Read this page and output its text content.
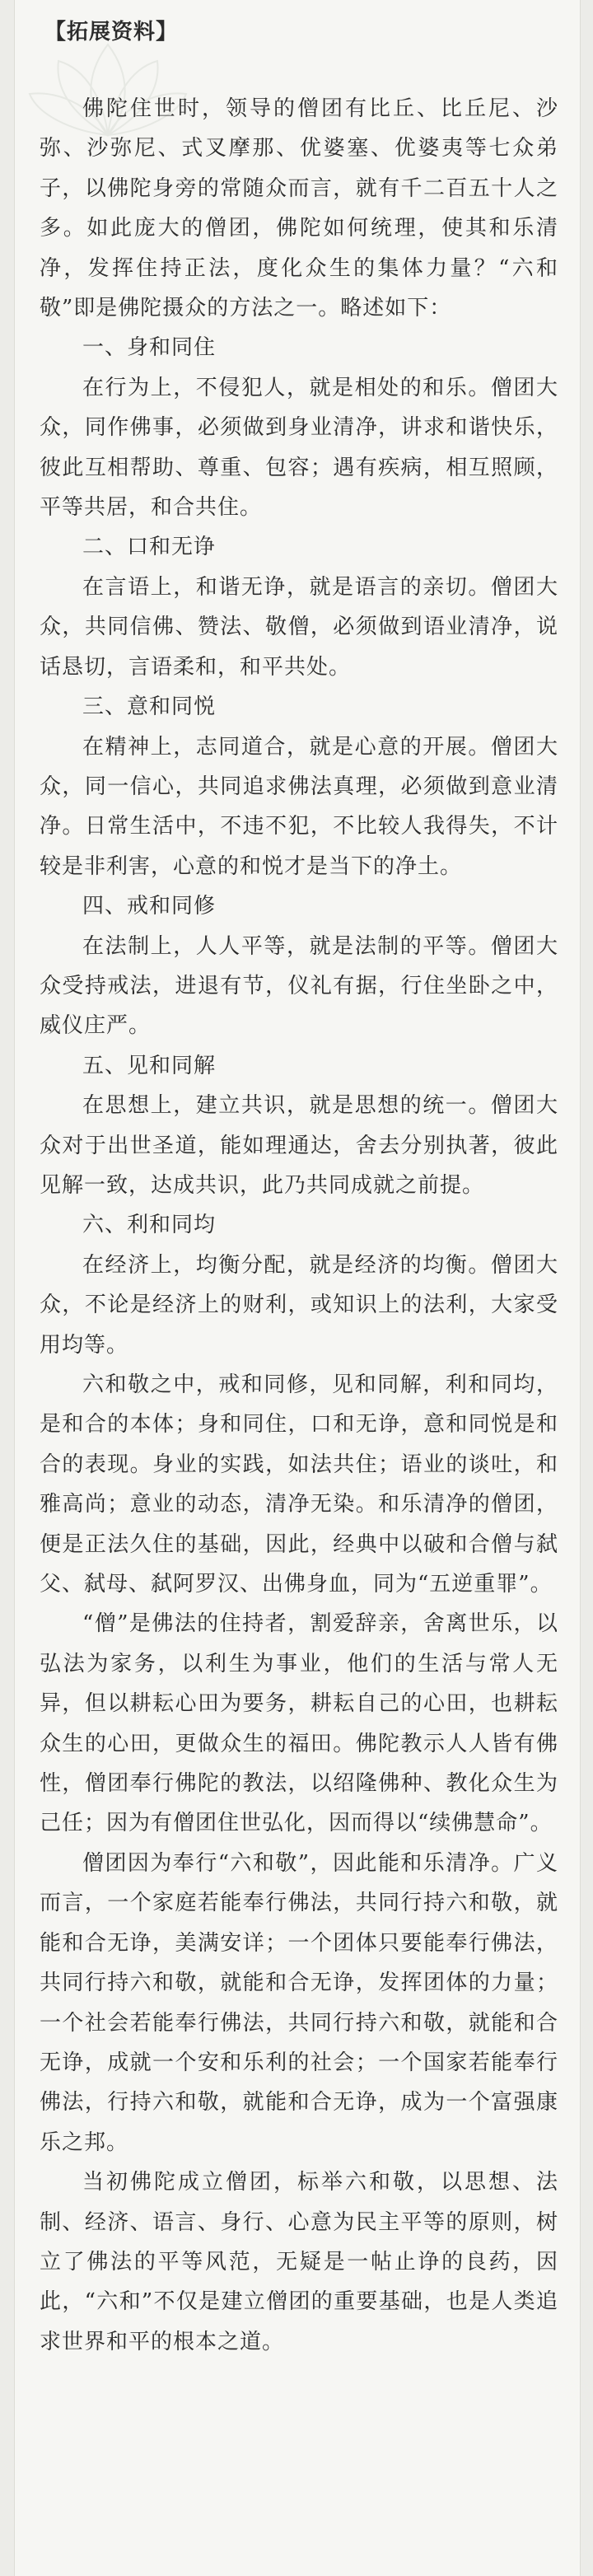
【拓展资料】

佛陀住世时，领导的僧团有比丘、比丘尼、沙弥、沙弥尼、式叉摩那、优婆塞、优婆夷等七众弟子，以佛陀身旁的常随众而言，就有千二百五十人之多。如此庞大的僧团，佛陀如何统理，使其和乐清净，发挥住持正法，度化众生的集体力量？“六和敬”即是佛陀摄众的方法之一。略述如下：

一、身和同住

在行为上，不侵犯人，就是相处的和乐。僧团大众，同作佛事，必须做到身业清净，讲求和谐快乐，彼此互相帮助、尊重、包容；遇有疾病，相互照顾，平等共居，和合共住。

二、口和无诤

在言语上，和谐无诤，就是语言的亲切。僧团大众，共同信佛、赞法、敬僧，必须做到语业清净，说话恳切，言语柔和，和平共处。

三、意和同悦

在精神上，志同道合，就是心意的开展。僧团大众，同一信心，共同追求佛法真理，必须做到意业清净。日常生活中，不违不犯，不比较人我得失，不计较是非利害，心意的和悦才是当下的净土。

四、戒和同修

在法制上，人人平等，就是法制的平等。僧团大众受持戒法，进退有节，仪礼有据，行住坐卧之中，威仪庄严。

五、见和同解

在思想上，建立共识，就是思想的统一。僧团大众对于出世圣道，能如理通达，舍去分别执著，彼此见解一致，达成共识，此乃共同成就之前提。

六、利和同均

在经济上，均衡分配，就是经济的均衡。僧团大众，不论是经济上的财利，或知识上的法利，大家受用均等。

六和敬之中，戒和同修，见和同解，利和同均，是和合的本体；身和同住，口和无诤，意和同悦是和合的表现。身业的实践，如法共住；语业的谈吐，和雅高尚；意业的动态，清净无染。和乐清净的僧团，便是正法久住的基础，因此，经典中以破和合僧与弑父、弑母、弑阿罗汉、出佛身血，同为“五逆重罪”。

“僧”是佛法的住持者，割爱辞亲，舍离世乐，以弘法为家务，以利生为事业，他们的生活与常人无异，但以耕耘心田为要务，耕耘自己的心田，也耕耘众生的心田，更做众生的福田。佛陀教示人人皆有佛性，僧团奉行佛陀的教法，以绍隆佛种、教化众生为己任；因为有僧团住世弘化，因而得以“续佛慧命”。

僧团因为奉行“六和敬”，因此能和乐清净。广义而言，一个家庭若能奉行佛法，共同行持六和敬，就能和合无诤，美满安详；一个团体只要能奉行佛法，共同行持六和敬，就能和合无诤，发挥团体的力量；一个社会若能奉行佛法，共同行持六和敬，就能和合无诤，成就一个安和乐利的社会；一个国家若能奉行佛法，行持六和敬，就能和合无诤，成为一个富强康乐之邦。

当初佛陀成立僧团，标举六和敬，以思想、法制、经济、语言、身行、心意为民主平等的原则，树立了佛法的平等风范，无疑是一帖止诤的良药，因此，“六和”不仅是建立僧团的重要基础，也是人类追求世界和平的根本之道。
